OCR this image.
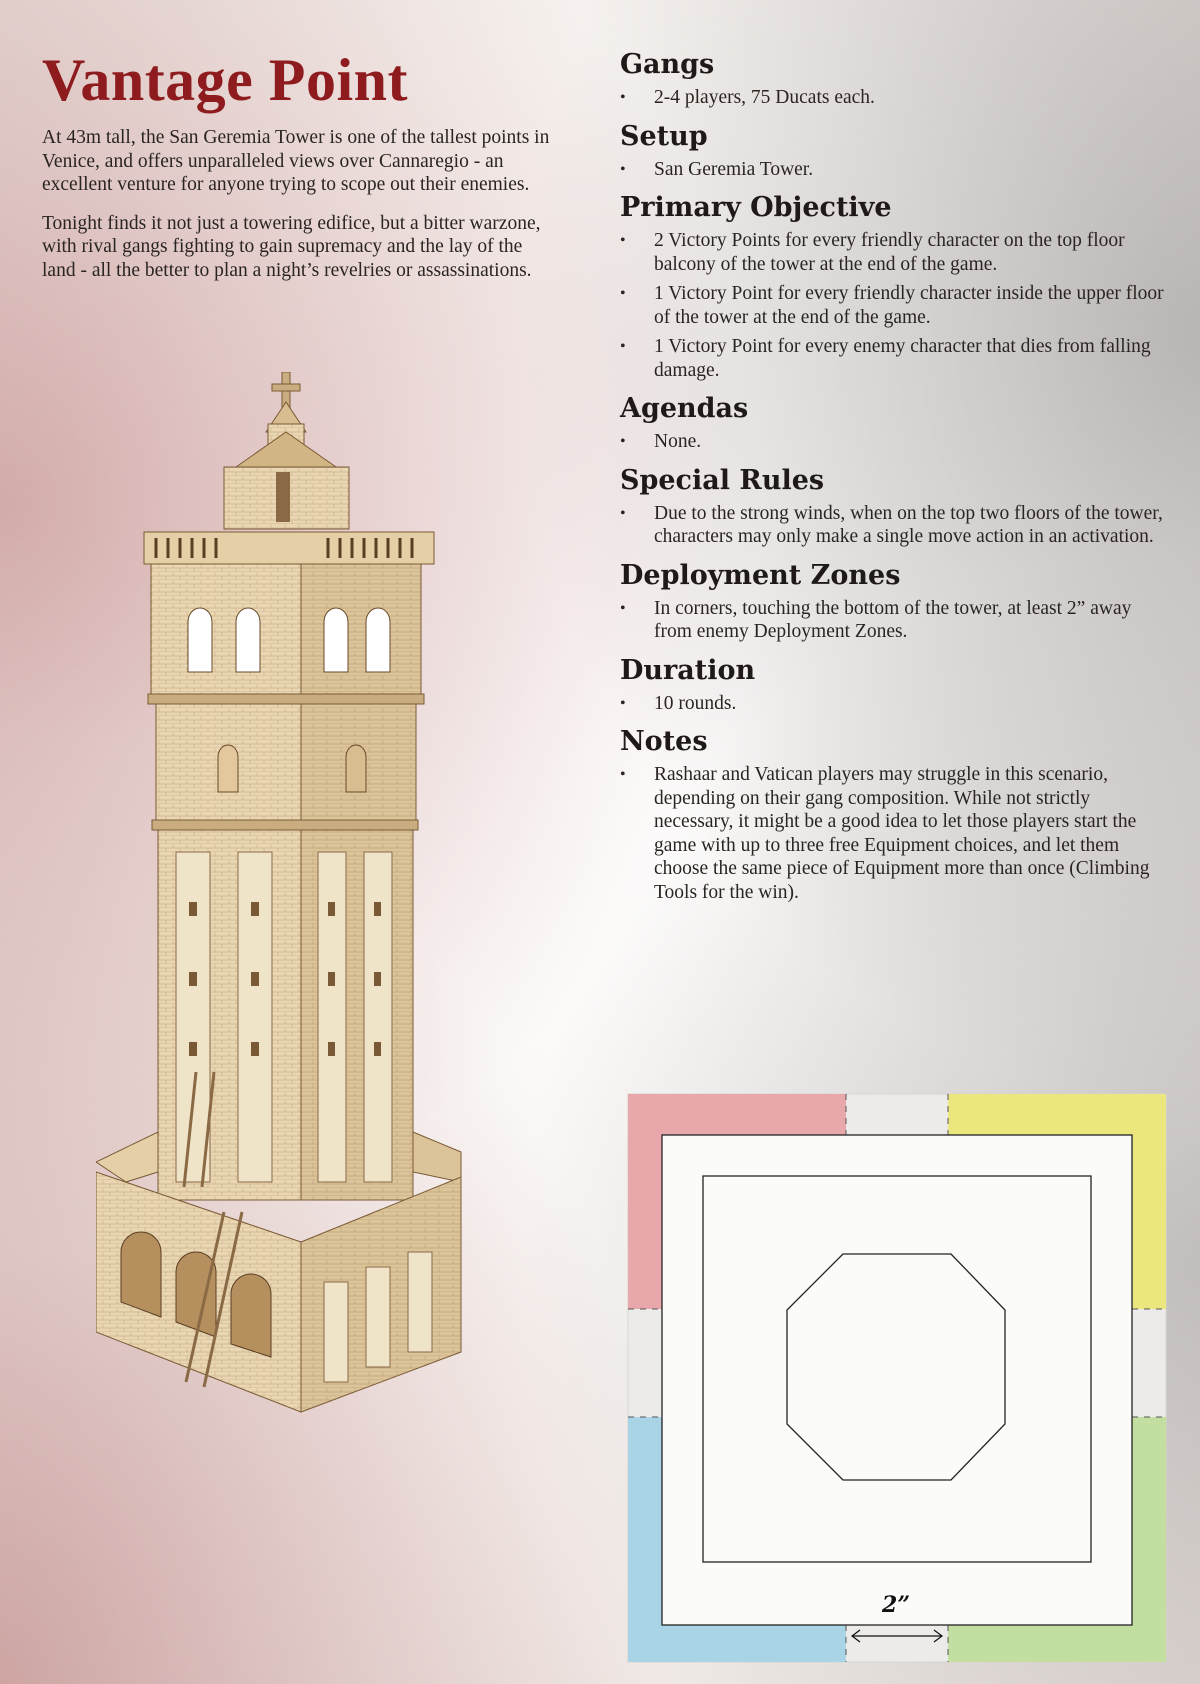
Vantage Point

At 43m tall, the San Geremia Tower is one of the tallest points in Venice, and offers unparalleled views over Cannaregio - an excellent venture for anyone trying to scope out their enemies.

Tonight finds it not just a towering edifice, but a bitter warzone, with rival gangs fighting to gain supremacy and the lay of the land - all the better to plan a night’s revelries or assassinations.

Gangs
• 2-4 players, 75 Ducats each.
Setup
• San Geremia Tower.
Primary Objective
• 2 Victory Points for every friendly character on the top floor balcony of the tower at the end of the game.
• 1 Victory Point for every friendly character inside the upper floor of the tower at the end of the game.
• 1 Victory Point for every enemy character that dies from falling damage.
Agendas
• None.
Special Rules
• Due to the strong winds, when on the top two floors of the tower, characters may only make a single move action in an activation.
Deployment Zones
• In corners, touching the bottom of the tower, at least 2” away from enemy Deployment Zones.
Duration
• 10 rounds.
Notes
• Rashaar and Vatican players may struggle in this scenario, depending on their gang composition. While not strictly necessary, it might be a good idea to let those players start the game with up to three free Equipment choices, and let them choose the same piece of Equipment more than once (Climbing Tools for the win).
2”
